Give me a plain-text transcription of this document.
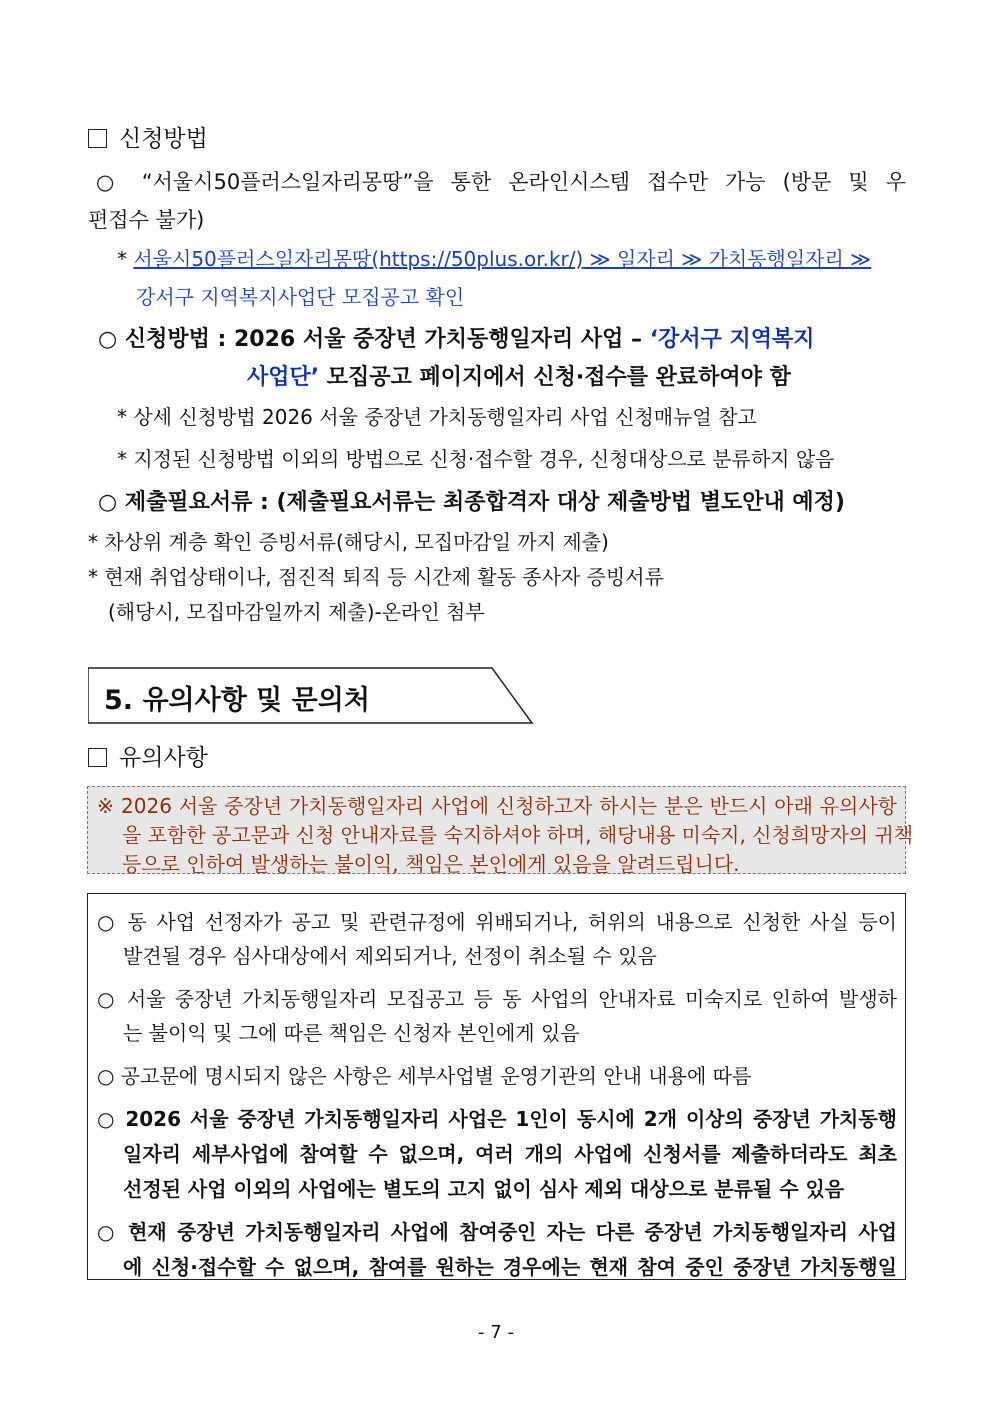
신청방법
○ “서울시50플러스일자리몽땅”을 통한 온라인시스템 접수만 가능 (방문 및 우
편접수 불가)
* 서울시50플러스일자리몽땅(https://50plus.or.kr/) ≫ 일자리 ≫ 가치동행일자리 ≫
강서구 지역복지사업단 모집공고 확인
○ 신청방법 : 2026 서울 중장년 가치동행일자리 사업 – ‘강서구 지역복지
사업단’ 모집공고 페이지에서 신청·접수를 완료하여야 함
* 상세 신청방법 2026 서울 중장년 가치동행일자리 사업 신청매뉴얼 참고
* 지정된 신청방법 이외의 방법으로 신청·접수할 경우, 신청대상으로 분류하지 않음
○ 제출필요서류 : (제출필요서류는 최종합격자 대상 제출방법 별도안내 예정)
* 차상위 계층 확인 증빙서류(해당시, 모집마감일 까지 제출)
* 현재 취업상태이나, 점진적 퇴직 등 시간제 활동 종사자 증빙서류
(해당시, 모집마감일까지 제출)-온라인 첨부
5. 유의사항 및 문의처
유의사항
※ 2026 서울 중장년 가치동행일자리 사업에 신청하고자 하시는 분은 반드시 아래 유의사항
을 포함한 공고문과 신청 안내자료를 숙지하셔야 하며, 해당내용 미숙지, 신청희망자의 귀책
등으로 인하여 발생하는 불이익, 책임은 본인에게 있음을 알려드립니다.
○ 동 사업 선정자가 공고 및 관련규정에 위배되거나, 허위의 내용으로 신청한 사실 등이
발견될 경우 심사대상에서 제외되거나, 선정이 취소될 수 있음
○ 서울 중장년 가치동행일자리 모집공고 등 동 사업의 안내자료 미숙지로 인하여 발생하
는 불이익 및 그에 따른 책임은 신청자 본인에게 있음
○ 공고문에 명시되지 않은 사항은 세부사업별 운영기관의 안내 내용에 따름
○ 2026 서울 중장년 가치동행일자리 사업은 1인이 동시에 2개 이상의 중장년 가치동행
일자리 세부사업에 참여할 수 없으며, 여러 개의 사업에 신청서를 제출하더라도 최초
선정된 사업 이외의 사업에는 별도의 고지 없이 심사 제외 대상으로 분류될 수 있음
○ 현재 중장년 가치동행일자리 사업에 참여중인 자는 다른 중장년 가치동행일자리 사업
에 신청·접수할 수 없으며, 참여를 원하는 경우에는 현재 참여 중인 중장년 가치동행일
- 7 -
